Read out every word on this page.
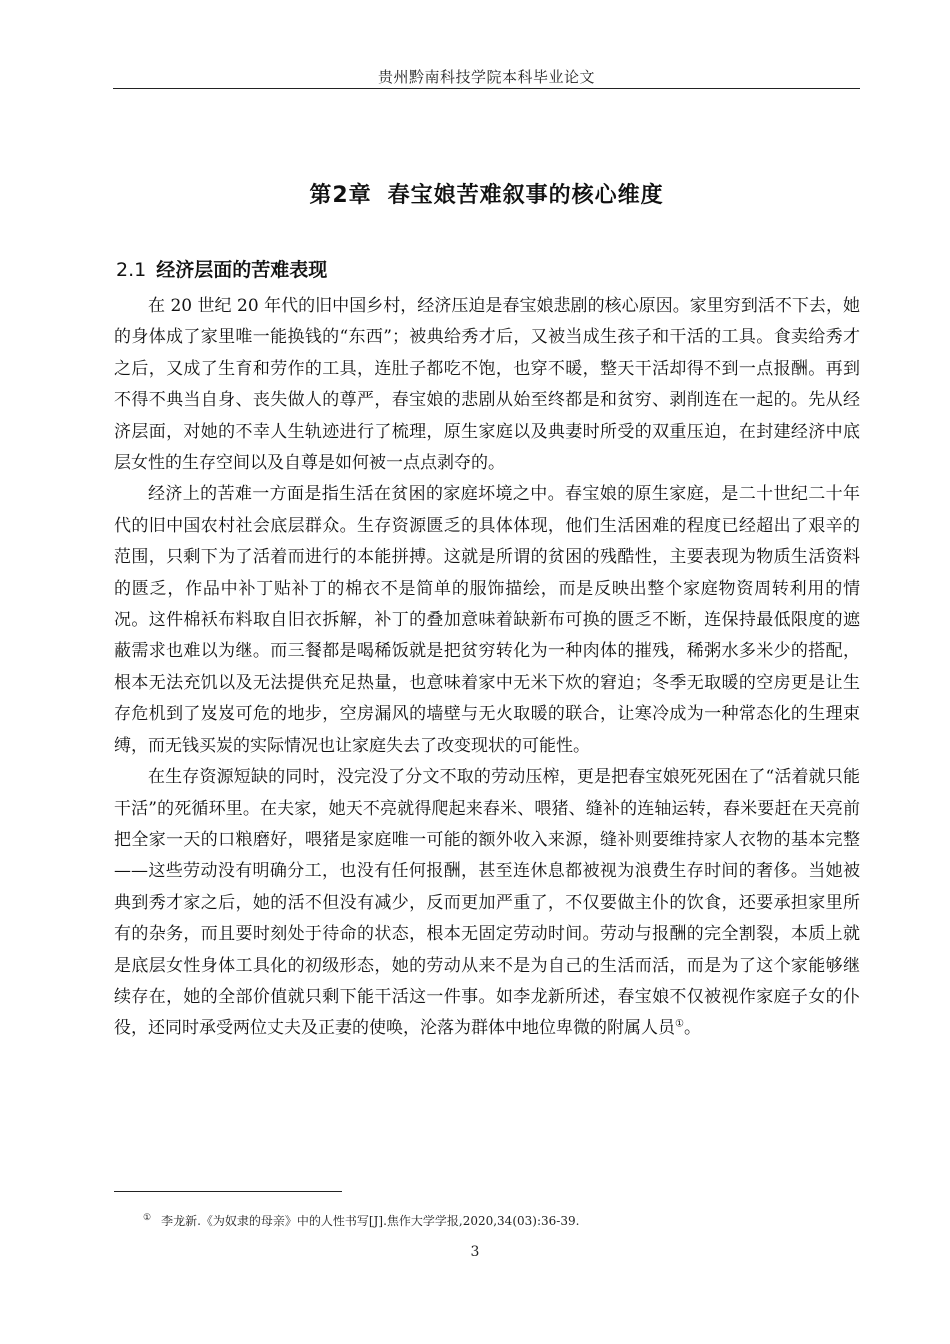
贵州黔南科技学院本科毕业论文
第2章 春宝娘苦难叙事的核心维度
2.1 经济层面的苦难表现

在 20 世纪 20 年代的旧中国乡村，经济压迫是春宝娘悲剧的核心原因。家里穷到活不下去，她的身体成了家里唯一能换钱的“东西”；被典给秀才后，又被当成生孩子和干活的工具。食卖给秀才之后，又成了生育和劳作的工具，连肚子都吃不饱，也穿不暖，整天干活却得不到一点报酬。再到不得不典当自身、丧失做人的尊严，春宝娘的悲剧从始至终都是和贫穷、剥削连在一起的。先从经济层面，对她的不幸人生轨迹进行了梳理，原生家庭以及典妻时所受的双重压迫，在封建经济中底层女性的生存空间以及自尊是如何被一点点剥夺的。

经济上的苦难一方面是指生活在贫困的家庭坏境之中。春宝娘的原生家庭，是二十世纪二十年代的旧中国农村社会底层群众。生存资源匮乏的具体体现，他们生活困难的程度已经超出了艰辛的范围，只剩下为了活着而进行的本能拼搏。这就是所谓的贫困的残酷性，主要表现为物质生活资料的匮乏，作品中补丁贴补丁的棉衣不是简单的服饰描绘，而是反映出整个家庭物资周转利用的情况。这件棉袄布料取自旧衣拆解，补丁的叠加意味着缺新布可换的匮乏不断，连保持最低限度的遮蔽需求也难以为继。而三餐都是喝稀饭就是把贫穷转化为一种肉体的摧残，稀粥水多米少的搭配，根本无法充饥以及无法提供充足热量，也意味着家中无米下炊的窘迫；冬季无取暖的空房更是让生存危机到了岌岌可危的地步，空房漏风的墙壁与无火取暖的联合，让寒冷成为一种常态化的生理束缚，而无钱买炭的实际情况也让家庭失去了改变现状的可能性。

在生存资源短缺的同时，没完没了分文不取的劳动压榨，更是把春宝娘死死困在了“活着就只能干活”的死循环里。在夫家，她天不亮就得爬起来舂米、喂猪、缝补的连轴运转，舂米要赶在天亮前把全家一天的口粮磨好，喂猪是家庭唯一可能的额外收入来源，缝补则要维持家人衣物的基本完整——这些劳动没有明确分工，也没有任何报酬，甚至连休息都被视为浪费生存时间的奢侈。当她被典到秀才家之后，她的活不但没有减少，反而更加严重了，不仅要做主仆的饮食，还要承担家里所有的杂务，而且要时刻处于待命的状态，根本无固定劳动时间。劳动与报酬的完全割裂，本质上就是底层女性身体工具化的初级形态，她的劳动从来不是为自己的生活而活，而是为了这个家能够继续存在，她的全部价值就只剩下能干活这一件事。如李龙新所述，春宝娘不仅被视作家庭子女的仆役，还同时承受两位丈夫及正妻的使唤，沦落为群体中地位卑微的附属人员①。

① 李龙新.《为奴隶的母亲》中的人性书写[J].焦作大学学报,2020,34(03):36-39.
3
